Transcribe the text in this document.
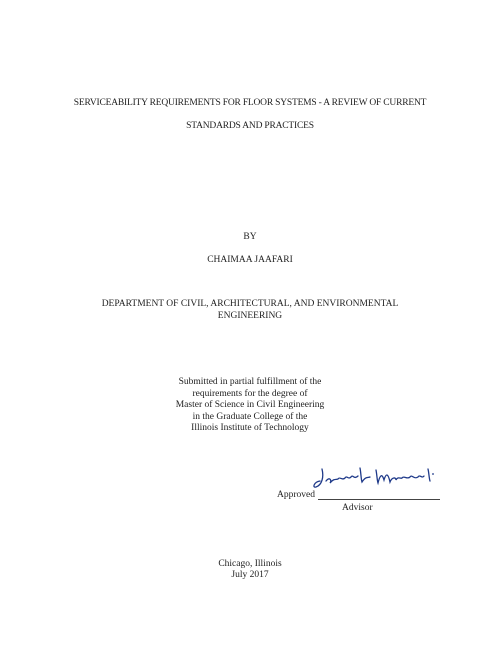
SERVICEABILITY REQUIREMENTS FOR FLOOR SYSTEMS - A REVIEW OF CURRENT
STANDARDS AND PRACTICES
BY
CHAIMAA JAAFARI
DEPARTMENT OF CIVIL, ARCHITECTURAL, AND ENVIRONMENTAL
ENGINEERING
Submitted in partial fulfillment of the
requirements for the degree of
Master of Science in Civil Engineering
in the Graduate College of the
Illinois Institute of Technology
Approved
Advisor
Chicago, Illinois
July 2017
